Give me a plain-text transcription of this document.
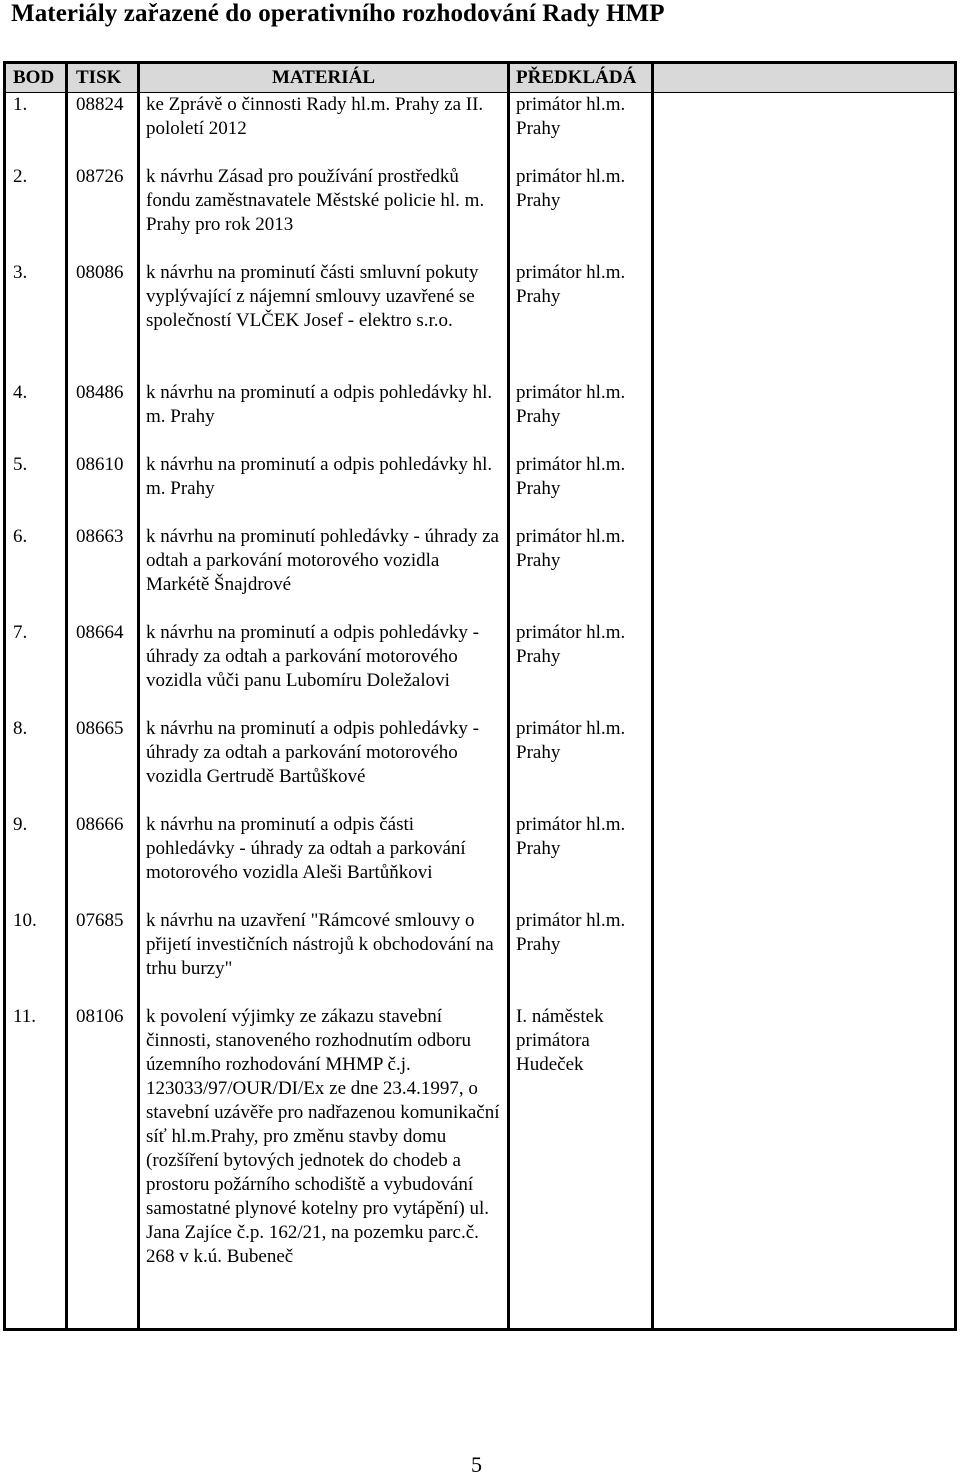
Materiály zařazené do operativního rozhodování Rady HMP
BOD	TISK	MATERIÁL	PŘEDKLÁDÁ	

1.	08824	ke Zprávě o činnosti Rady hl.m. Prahy za II. pololetí 2012	primátor hl.m. Prahy	

2.	08726	k návrhu Zásad pro používání prostředků fondu zaměstnavatele Městské policie hl. m. Prahy pro rok 2013	primátor hl.m. Prahy	

3.	08086	k návrhu na prominutí části smluvní pokuty vyplývající z nájemní smlouvy uzavřené se společností VLČEK Josef - elektro s.r.o.	primátor hl.m. Prahy	

4.	08486	k návrhu na prominutí a odpis pohledávky hl. m. Prahy	primátor hl.m. Prahy	

5.	08610	k návrhu na prominutí a odpis pohledávky hl. m. Prahy	primátor hl.m. Prahy	

6.	08663	k návrhu na prominutí pohledávky - úhrady za odtah a parkování motorového vozidla Markétě Šnajdrové	primátor hl.m. Prahy	

7.	08664	k návrhu na prominutí a odpis pohledávky - úhrady za odtah a parkování motorového vozidla vůči panu Lubomíru Doležalovi	primátor hl.m. Prahy	

8.	08665	k návrhu na prominutí a odpis pohledávky - úhrady za odtah a parkování motorového vozidla Gertrudě Bartůškové	primátor hl.m. Prahy	

9.	08666	k návrhu na prominutí a odpis části pohledávky - úhrady za odtah a parkování motorového vozidla Aleši Bartůňkovi	primátor hl.m. Prahy	

10.	07685	k návrhu na uzavření "Rámcové smlouvy o přijetí investičních nástrojů k obchodování na trhu burzy"	primátor hl.m. Prahy	

11.	08106	k povolení výjimky ze zákazu stavební činnosti, stanoveného rozhodnutím odboru územního rozhodování MHMP č.j. 123033/97/OUR/DI/Ex ze dne 23.4.1997, o stavební uzávěře pro nadřazenou komunikační síť hl.m.Prahy, pro změnu stavby domu (rozšíření bytových jednotek do chodeb a prostoru požárního schodiště a vybudování samostatné plynové kotelny pro vytápění) ul. Jana Zajíce č.p. 162/21, na pozemku parc.č. 268 v k.ú. Bubeneč	I. náměstek primátora Hudeček	

5
